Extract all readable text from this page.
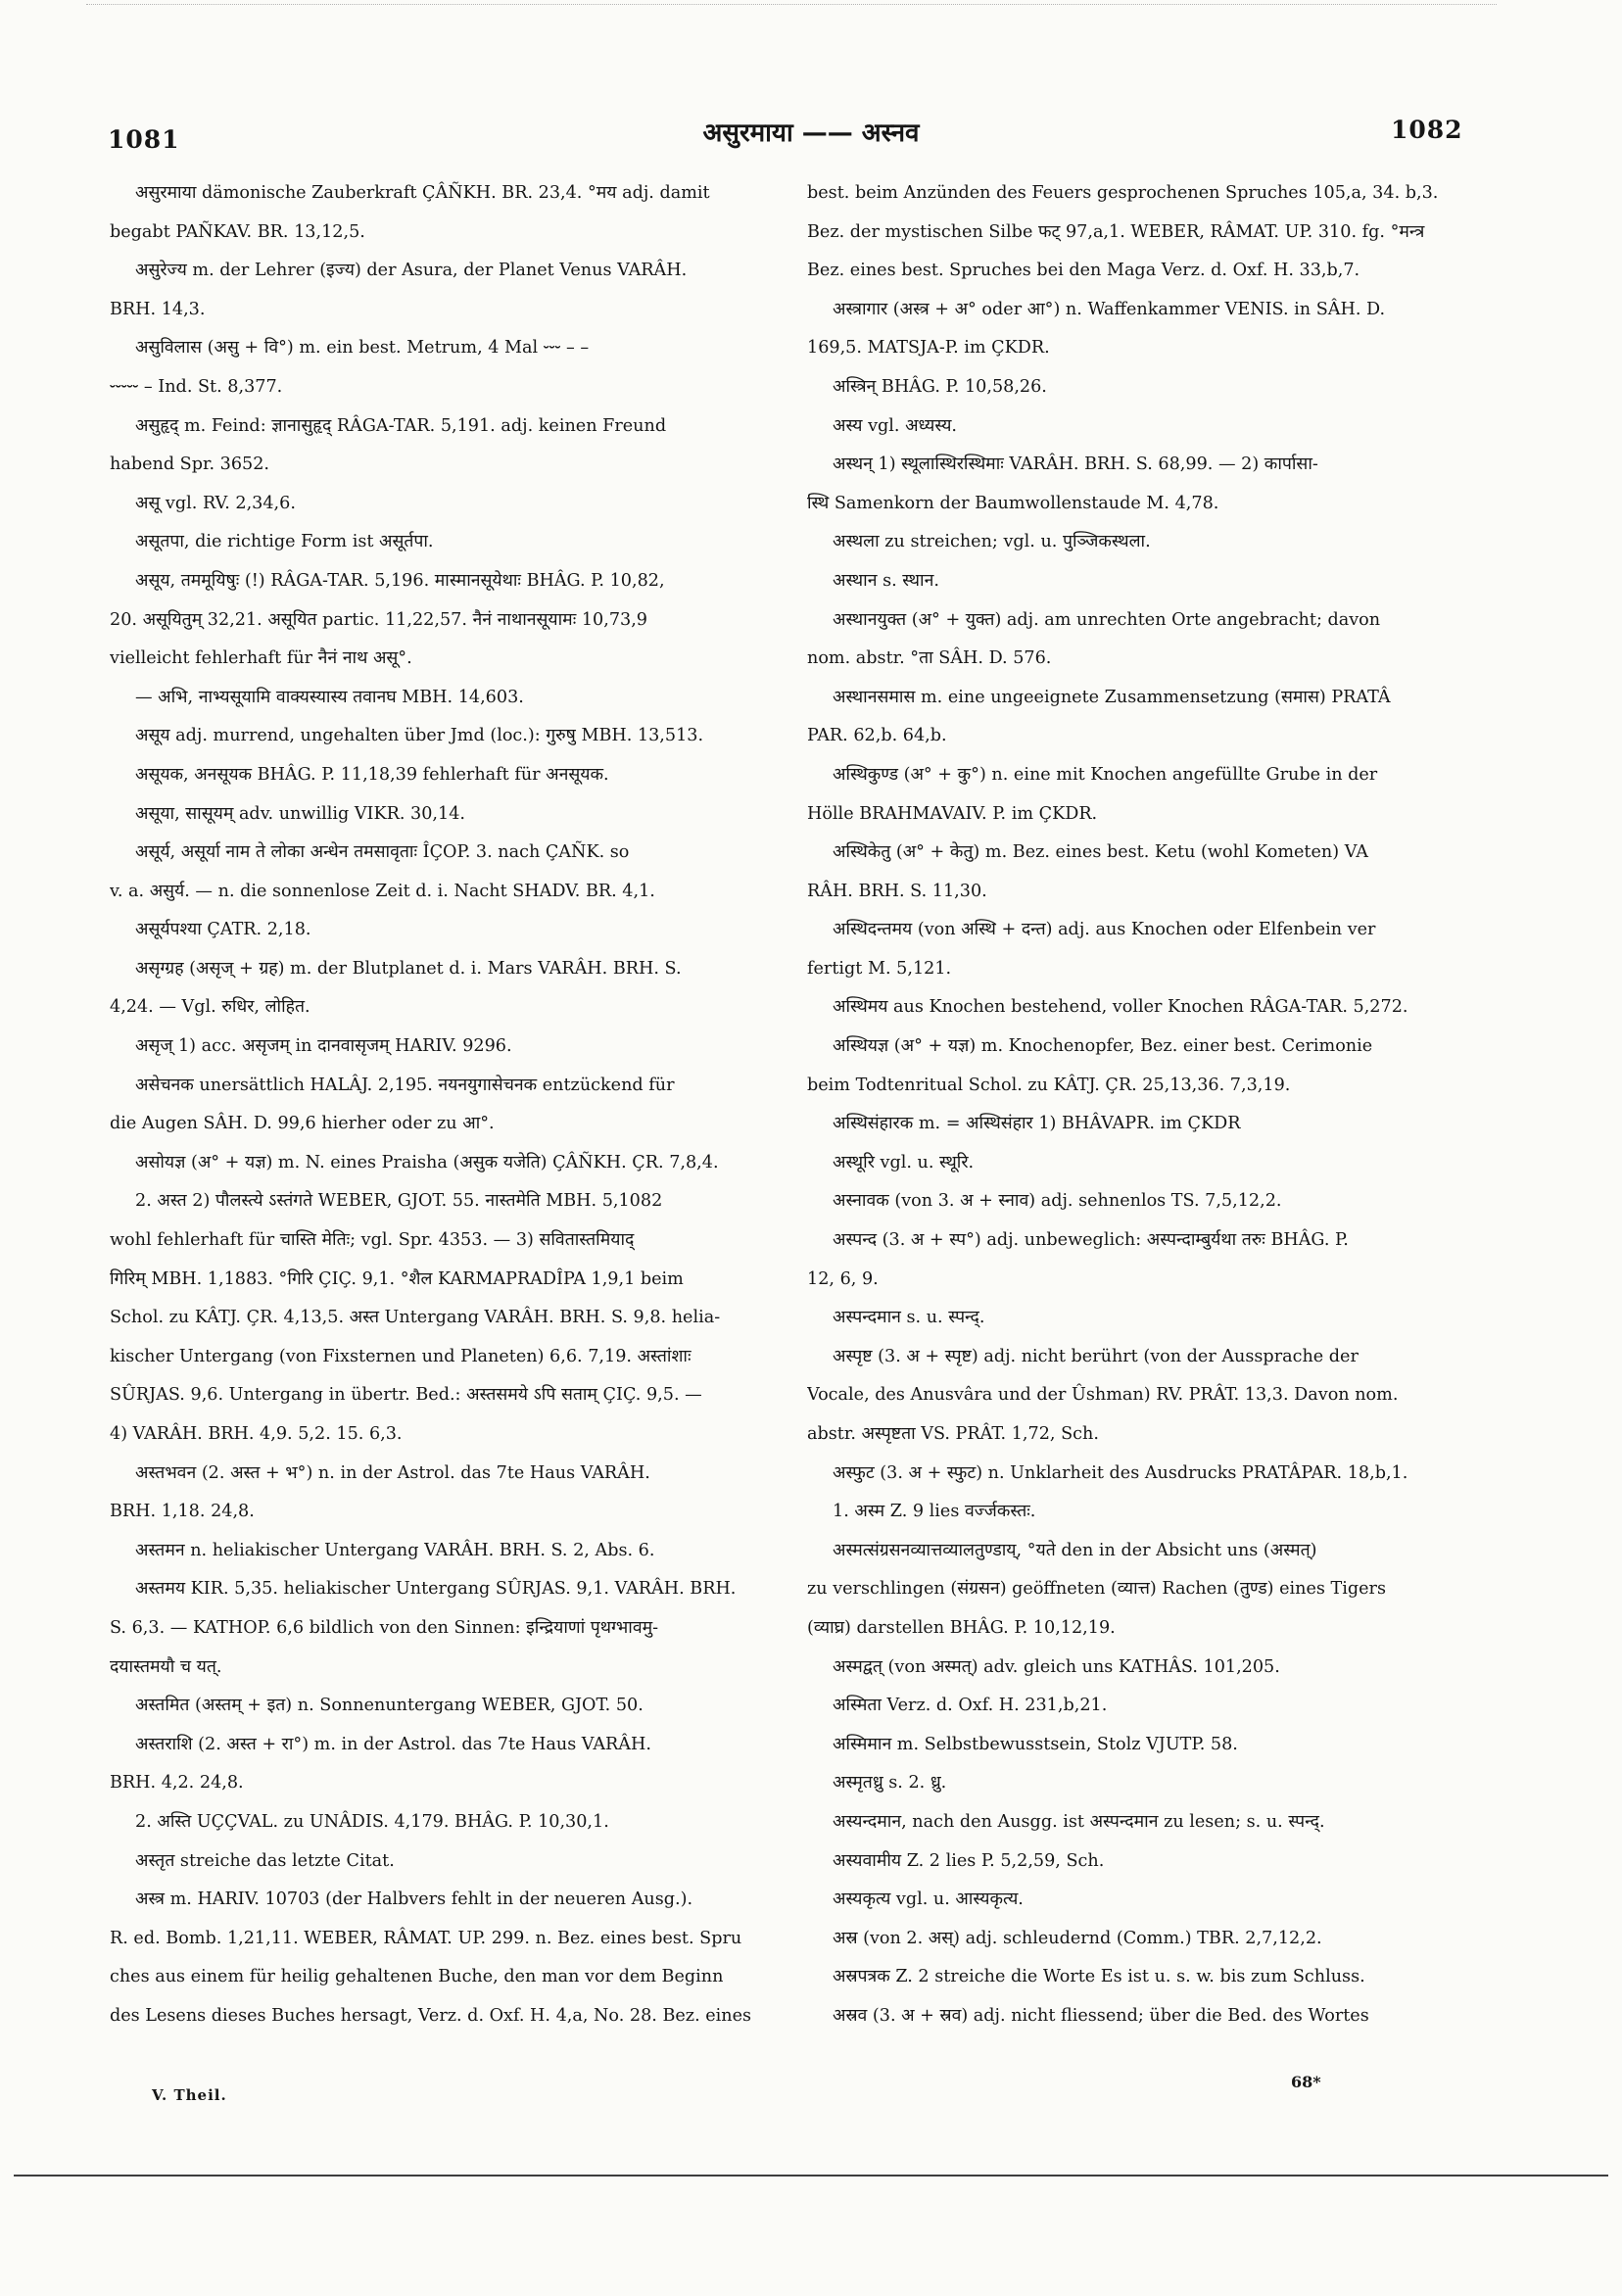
1081	असुरमाया —— अस्नव	1082
असुरमाया dämonische Zauberkraft ÇÂÑKH. BR. 23,4. °मय adj. damit
begabt PAÑKAV. BR. 13,12,5.
असुरेज्य m. der Lehrer (इज्य) der Asura, der Planet Venus VARÂH.
BRH. 14,3.
असुविलास (असु + वि°) m. ein best. Metrum, 4 Mal ⏑⏑⏑ – –
⏑⏑⏑⏑⏑ – Ind. St. 8,377.
असुहृद् m. Feind: ज्ञानासुहृद् RÂGA-TAR. 5,191. adj. keinen Freund
habend Spr. 3652.
असू vgl. RV. 2,34,6.
असूतपा, die richtige Form ist असूर्तपा.
असूय, तममूयिषुः (!) RÂGA-TAR. 5,196. मास्मानसूयेथाः BHÂG. P. 10,82,
20. असूयितुम् 32,21. असूयित partic. 11,22,57. नैनं नाथानसूयामः 10,73,9
vielleicht fehlerhaft für नैनं नाथ असू°.
— अभि, नाभ्यसूयामि वाक्यस्यास्य तवानघ MBH. 14,603.
असूय adj. murrend, ungehalten über Jmd (loc.): गुरुषु MBH. 13,513.
असूयक, अनसूयक BHÂG. P. 11,18,39 fehlerhaft für अनसूयक.
असूया, सासूयम् adv. unwillig VIKR. 30,14.
असूर्य, असूर्या नाम ते लोका अन्धेन तमसावृताः ÎÇOP. 3. nach ÇAÑK. so
v. a. असुर्य. — n. die sonnenlose Zeit d. i. Nacht SHADV. BR. 4,1.
असूर्यपश्या ÇATR. 2,18.
असृग्ग्रह (असृज् + ग्रह) m. der Blutplanet d. i. Mars VARÂH. BRH. S.
4,24. — Vgl. रुधिर, लोहित.
असृज् 1) acc. असृजम् in दानवासृजम् HARIV. 9296.
असेचनक unersättlich HALÂJ. 2,195. नयनयुगासेचनक entzückend für
die Augen SÂH. D. 99,6 hierher oder zu आ°.
असोयज्ञ (अ° + यज्ञ) m. N. eines Praisha (असुक यजेति) ÇÂÑKH. ÇR. 7,8,4.
2. अस्त 2) पौलस्त्ये ऽस्तंगते WEBER, GJOT. 55. नास्तमेति MBH. 5,1082
wohl fehlerhaft für चास्ति मेतिः; vgl. Spr. 4353. — 3) सवितास्तमियाद्
गिरिम् MBH. 1,1883. °गिरि ÇIÇ. 9,1. °शैल KARMAPRADÎPA 1,9,1 beim
Schol. zu KÂTJ. ÇR. 4,13,5. अस्त Untergang VARÂH. BRH. S. 9,8. helia-
kischer Untergang (von Fixsternen und Planeten) 6,6. 7,19. अस्तांशाः
SÛRJAS. 9,6. Untergang in übertr. Bed.: अस्तसमये ऽपि सताम् ÇIÇ. 9,5. —
4) VARÂH. BRH. 4,9. 5,2. 15. 6,3.
अस्तभवन (2. अस्त + भ°) n. in der Astrol. das 7te Haus VARÂH.
BRH. 1,18. 24,8.
अस्तमन n. heliakischer Untergang VARÂH. BRH. S. 2, Abs. 6.
अस्तमय KIR. 5,35. heliakischer Untergang SÛRJAS. 9,1. VARÂH. BRH.
S. 6,3. — KATHOP. 6,6 bildlich von den Sinnen: इन्द्रियाणां पृथग्भावमु-
दयास्तमयौ च यत्.
अस्तमित (अस्तम् + इत) n. Sonnenuntergang WEBER, GJOT. 50.
अस्तराशि (2. अस्त + रा°) m. in der Astrol. das 7te Haus VARÂH.
BRH. 4,2. 24,8.
2. अस्ति UÇÇVAL. zu UNÂDIS. 4,179. BHÂG. P. 10,30,1.
अस्तृत streiche das letzte Citat.
अस्त्र m. HARIV. 10703 (der Halbvers fehlt in der neueren Ausg.).
R. ed. Bomb. 1,21,11. WEBER, RÂMAT. UP. 299. n. Bez. eines best. Spru
ches aus einem für heilig gehaltenen Buche, den man vor dem Beginn
des Lesens dieses Buches hersagt, Verz. d. Oxf. H. 4,a, No. 28. Bez. eines
best. beim Anzünden des Feuers gesprochenen Spruches 105,a, 34. b,3.
Bez. der mystischen Silbe फट् 97,a,1. WEBER, RÂMAT. UP. 310. fg. °मन्त्र
Bez. eines best. Spruches bei den Maga Verz. d. Oxf. H. 33,b,7.
अस्त्रागार (अस्त्र + अ° oder आ°) n. Waffenkammer VENIS. in SÂH. D.
169,5. MATSJA-P. im ÇKDR.
अस्त्रिन् BHÂG. P. 10,58,26.
अस्य vgl. अध्यस्य.
अस्थन् 1) स्थूलास्थिरस्थिमाः VARÂH. BRH. S. 68,99. — 2) कार्पासा-
स्थि Samenkorn der Baumwollenstaude M. 4,78.
अस्थला zu streichen; vgl. u. पुञ्जिकस्थला.
अस्थान s. स्थान.
अस्थानयुक्त (अ° + युक्त) adj. am unrechten Orte angebracht; davon
nom. abstr. °ता SÂH. D. 576.
अस्थानसमास m. eine ungeeignete Zusammensetzung (समास) PRATÂ
PAR. 62,b. 64,b.
अस्थिकुण्ड (अ° + कु°) n. eine mit Knochen angefüllte Grube in der
Hölle BRAHMAVAIV. P. im ÇKDR.
अस्थिकेतु (अ° + केतु) m. Bez. eines best. Ketu (wohl Kometen) VA
RÂH. BRH. S. 11,30.
अस्थिदन्तमय (von अस्थि + दन्त) adj. aus Knochen oder Elfenbein ver
fertigt M. 5,121.
अस्थिमय aus Knochen bestehend, voller Knochen RÂGA-TAR. 5,272.
अस्थियज्ञ (अ° + यज्ञ) m. Knochenopfer, Bez. einer best. Cerimonie
beim Todtenritual Schol. zu KÂTJ. ÇR. 25,13,36. 7,3,19.
अस्थिसंहारक m. = अस्थिसंहार 1) BHÂVAPR. im ÇKDR
अस्थूरि vgl. u. स्थूरि.
अस्नावक (von 3. अ + स्नाव) adj. sehnenlos TS. 7,5,12,2.
अस्पन्द (3. अ + स्प°) adj. unbeweglich: अस्पन्दाम्बुर्यथा तरुः BHÂG. P.
12, 6, 9.
अस्पन्दमान s. u. स्पन्द्.
अस्पृष्ट (3. अ + स्पृष्ट) adj. nicht berührt (von der Aussprache der
Vocale, des Anusvâra und der Ûshman) RV. PRÂT. 13,3. Davon nom.
abstr. अस्पृष्टता VS. PRÂT. 1,72, Sch.
अस्फुट (3. अ + स्फुट) n. Unklarheit des Ausdrucks PRATÂPAR. 18,b,1.
1. अस्म Z. 9 lies वर्ज्जकस्तः.
अस्मत्संग्रसनव्यात्तव्यालतुण्डाय्, °यते den in der Absicht uns (अस्मत्)
zu verschlingen (संग्रसन) geöffneten (व्यात्त) Rachen (तुण्ड) eines Tigers
(व्याघ्र) darstellen BHÂG. P. 10,12,19.
अस्मद्वत् (von अस्मत्) adv. gleich uns KATHÂS. 101,205.
अस्मिता Verz. d. Oxf. H. 231,b,21.
अस्मिमान m. Selbstbewusstsein, Stolz VJUTP. 58.
अस्मृतध्रु s. 2. ध्रु.
अस्यन्दमान, nach den Ausgg. ist अस्पन्दमान zu lesen; s. u. स्पन्द्.
अस्यवामीय Z. 2 lies P. 5,2,59, Sch.
अस्यकृत्य vgl. u. आस्यकृत्य.
अस्र (von 2. अस्) adj. schleudernd (Comm.) TBR. 2,7,12,2.
अस्रपत्रक Z. 2 streiche die Worte Es ist u. s. w. bis zum Schluss.
अस्रव (3. अ + स्रव) adj. nicht fliessend; über die Bed. des Wortes
V. Theil.
68*
